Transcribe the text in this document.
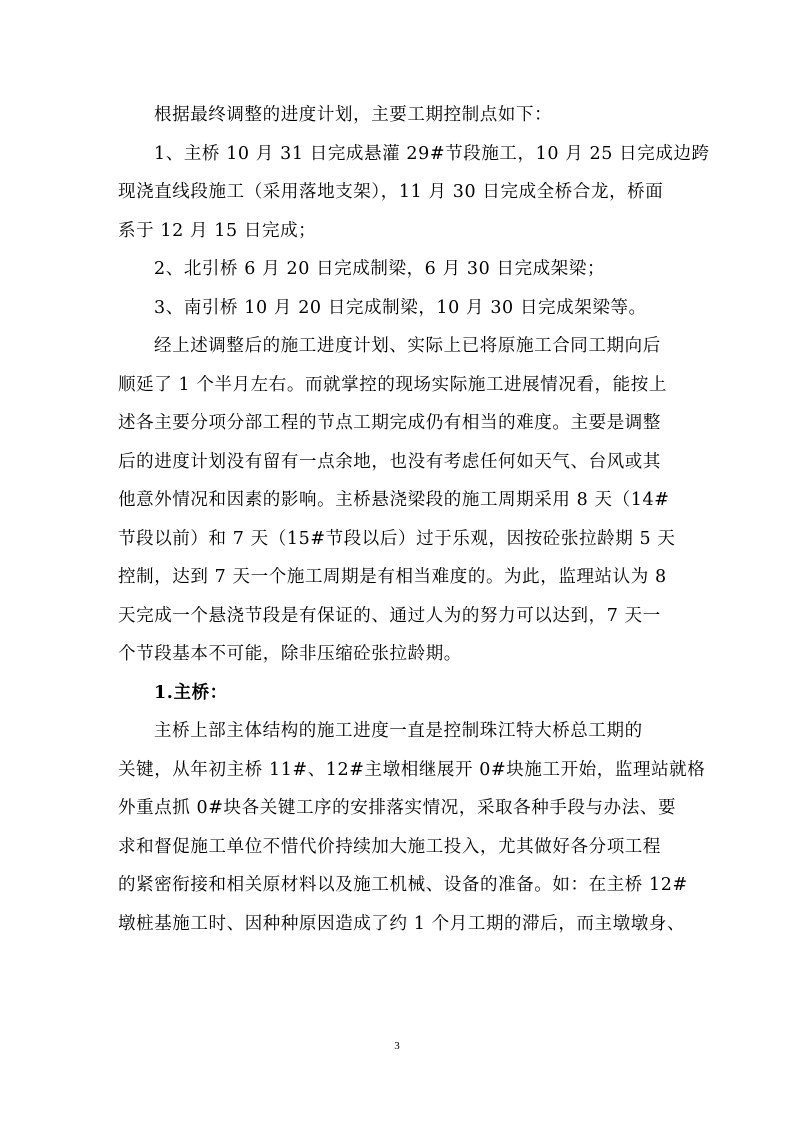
根据最终调整的进度计划，主要工期控制点如下：
1、主桥 10 月 31 日完成悬灌 29#节段施工，10 月 25 日完成边跨
现浇直线段施工（采用落地支架），11 月 30 日完成全桥合龙，桥面
系于 12 月 15 日完成；
2、北引桥 6 月 20 日完成制梁，6 月 30 日完成架梁；
3、南引桥 10 月 20 日完成制梁，10 月 30 日完成架梁等。
经上述调整后的施工进度计划、实际上已将原施工合同工期向后
顺延了 1 个半月左右。而就掌控的现场实际施工进展情况看，能按上
述各主要分项分部工程的节点工期完成仍有相当的难度。主要是调整
后的进度计划没有留有一点余地，也没有考虑任何如天气、台风或其
他意外情况和因素的影响。主桥悬浇梁段的施工周期采用 8 天（14#
节段以前）和 7 天（15#节段以后）过于乐观，因按砼张拉龄期 5 天
控制，达到 7 天一个施工周期是有相当难度的。为此，监理站认为 8
天完成一个悬浇节段是有保证的、通过人为的努力可以达到，7 天一
个节段基本不可能，除非压缩砼张拉龄期。
1.主桥：
主桥上部主体结构的施工进度一直是控制珠江特大桥总工期的
关键，从年初主桥 11#、12#主墩相继展开 0#块施工开始，监理站就格
外重点抓 0#块各关键工序的安排落实情况，采取各种手段与办法、要
求和督促施工单位不惜代价持续加大施工投入，尤其做好各分项工程
的紧密衔接和相关原材料以及施工机械、设备的准备。如：在主桥 12#
墩桩基施工时、因种种原因造成了约 1 个月工期的滞后，而主墩墩身、
3
